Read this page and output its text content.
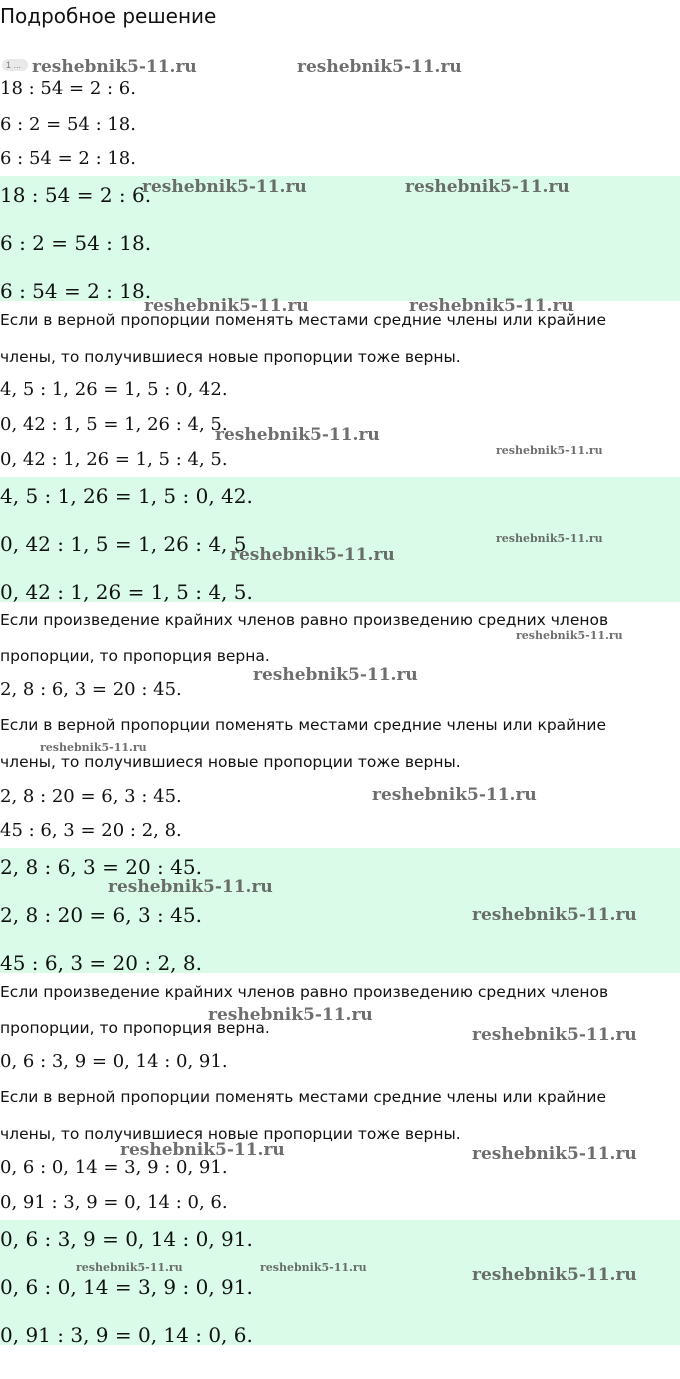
Подробное решение
1 ...
18 : 54 = 2 : 6.
6 : 2 = 54 : 18.
6 : 54 = 2 : 18.
18 : 54 = 2 : 6.
6 : 2 = 54 : 18.
6 : 54 = 2 : 18.
Если в верной пропорции поменять местами средние члены или крайние
члены, то получившиеся новые пропорции тоже верны.
4, 5 : 1, 26 = 1, 5 : 0, 42.
0, 42 : 1, 5 = 1, 26 : 4, 5.
0, 42 : 1, 26 = 1, 5 : 4, 5.
4, 5 : 1, 26 = 1, 5 : 0, 42.
0, 42 : 1, 5 = 1, 26 : 4, 5
0, 42 : 1, 26 = 1, 5 : 4, 5.
Если произведение крайних членов равно произведению средних членов
пропорции, то пропорция верна.
2, 8 : 6, 3 = 20 : 45.
Если в верной пропорции поменять местами средние члены или крайние
члены, то получившиеся новые пропорции тоже верны.
2, 8 : 20 = 6, 3 : 45.
45 : 6, 3 = 20 : 2, 8.
2, 8 : 6, 3 = 20 : 45.
2, 8 : 20 = 6, 3 : 45.
45 : 6, 3 = 20 : 2, 8.
Если произведение крайних членов равно произведению средних членов
пропорции, то пропорция верна.
0, 6 : 3, 9 = 0, 14 : 0, 91.
Если в верной пропорции поменять местами средние члены или крайние
члены, то получившиеся новые пропорции тоже верны.
0, 6 : 0, 14 = 3, 9 : 0, 91.
0, 91 : 3, 9 = 0, 14 : 0, 6.
0, 6 : 3, 9 = 0, 14 : 0, 91.
0, 6 : 0, 14 = 3, 9 : 0, 91.
0, 91 : 3, 9 = 0, 14 : 0, 6.
reshebnik5-11.ru	reshebnik5-11.ru
reshebnik5-11.ru	reshebnik5-11.ru
reshebnik5-11.ru	reshebnik5-11.ru
reshebnik5-11.ru
reshebnik5-11.ru
reshebnik5-11.ru
reshebnik5-11.ru
reshebnik5-11.ru
reshebnik5-11.ru
reshebnik5-11.ru
reshebnik5-11.ru
reshebnik5-11.ru
reshebnik5-11.ru
reshebnik5-11.ru
reshebnik5-11.ru
reshebnik5-11.ru	reshebnik5-11.ru
reshebnik5-11.ru	reshebnik5-11.ru	reshebnik5-11.ru
